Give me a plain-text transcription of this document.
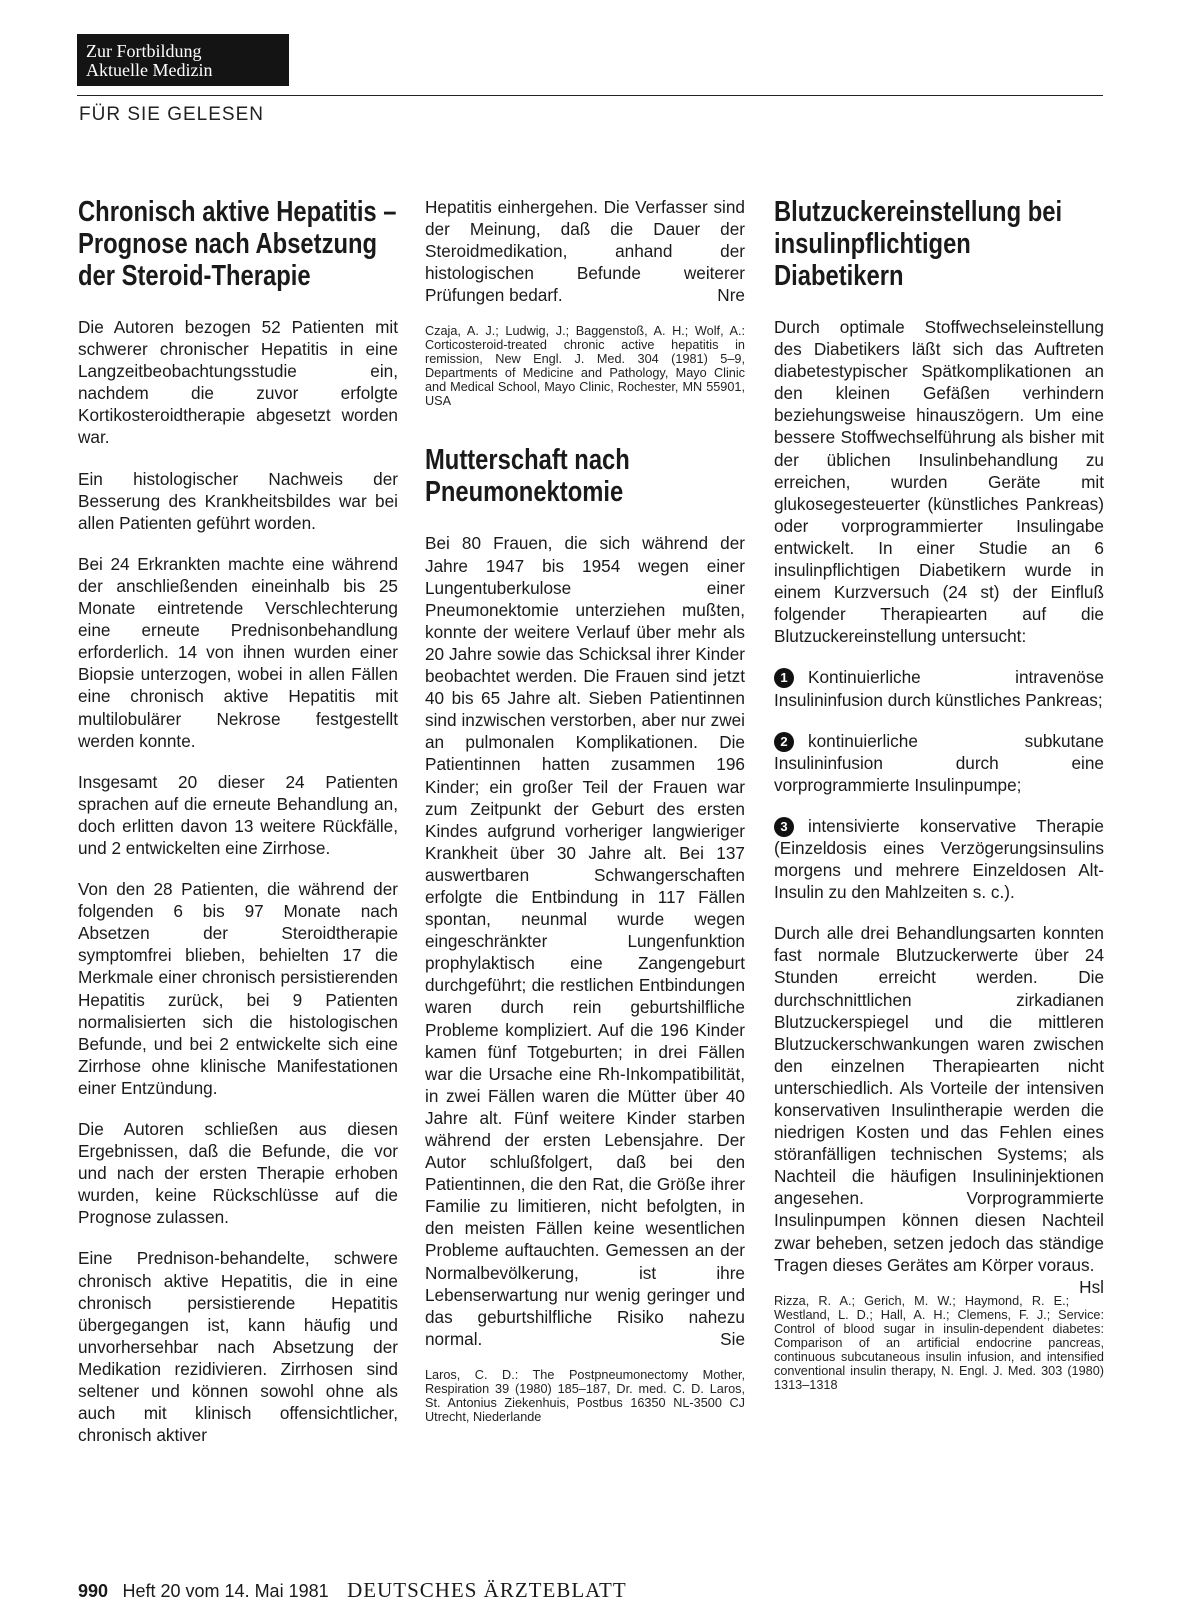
Zur Fortbildung
Aktuelle Medizin
FÜR SIE GELESEN
Chronisch aktive Hepatitis – Prognose nach Absetzung der Steroid-Therapie

Die Autoren bezogen 52 Patienten mit schwerer chronischer Hepatitis in eine Langzeitbeobachtungsstudie ein, nachdem die zuvor erfolgte Kortikosteroidtherapie abgesetzt worden war.

Ein histologischer Nachweis der Besserung des Krankheitsbildes war bei allen Patienten geführt worden.

Bei 24 Erkrankten machte eine während der anschließenden eineinhalb bis 25 Monate eintretende Verschlechterung eine erneute Prednisonbehandlung erforderlich. 14 von ihnen wurden einer Biopsie unterzogen, wobei in allen Fällen eine chronisch aktive Hepatitis mit multilobulärer Nekrose festgestellt werden konnte.

Insgesamt 20 dieser 24 Patienten sprachen auf die erneute Behandlung an, doch erlitten davon 13 weitere Rückfälle, und 2 entwickelten eine Zirrhose.

Von den 28 Patienten, die während der folgenden 6 bis 97 Monate nach Absetzen der Steroidtherapie symptomfrei blieben, behielten 17 die Merkmale einer chronisch persistierenden Hepatitis zurück, bei 9 Patienten normalisierten sich die histologischen Befunde, und bei 2 entwickelte sich eine Zirrhose ohne klinische Manifestationen einer Entzündung.

Die Autoren schließen aus diesen Ergebnissen, daß die Befunde, die vor und nach der ersten Therapie erhoben wurden, keine Rückschlüsse auf die Prognose zulassen.

Eine Prednison-behandelte, schwere chronisch aktive Hepatitis, die in eine chronisch persistierende Hepatitis übergegangen ist, kann häufig und unvorhersehbar nach Absetzung der Medikation rezidivieren. Zirrhosen sind seltener und können sowohl ohne als auch mit klinisch offensichtlicher, chronisch aktiver

Hepatitis einhergehen. Die Verfasser sind der Meinung, daß die Dauer der Steroidmedikation, anhand der histologischen Befunde weiterer Prüfungen bedarf.	Nre

Czaja, A. J.; Ludwig, J.; Baggenstoß, A. H.; Wolf, A.: Corticosteroid-treated chronic active hepatitis in remission, New Engl. J. Med. 304 (1981) 5–9, Departments of Medicine and Pathology, Mayo Clinic and Medical School, Mayo Clinic, Rochester, MN 55901, USA

Mutterschaft nach Pneumonektomie

Bei 80 Frauen, die sich während der Jahre 1947 bis 1954 wegen einer Lungentuberkulose einer Pneumonektomie unterziehen mußten, konnte der weitere Verlauf über mehr als 20 Jahre sowie das Schicksal ihrer Kinder beobachtet werden. Die Frauen sind jetzt 40 bis 65 Jahre alt. Sieben Patientinnen sind inzwischen verstorben, aber nur zwei an pulmonalen Komplikationen. Die Patientinnen hatten zusammen 196 Kinder; ein großer Teil der Frauen war zum Zeitpunkt der Geburt des ersten Kindes aufgrund vorheriger langwieriger Krankheit über 30 Jahre alt. Bei 137 auswertbaren Schwangerschaften erfolgte die Entbindung in 117 Fällen spontan, neunmal wurde wegen eingeschränkter Lungenfunktion prophylaktisch eine Zangengeburt durchgeführt; die restlichen Entbindungen waren durch rein geburtshilfliche Probleme kompliziert. Auf die 196 Kinder kamen fünf Totgeburten; in drei Fällen war die Ursache eine Rh-Inkompatibilität, in zwei Fällen waren die Mütter über 40 Jahre alt. Fünf weitere Kinder starben während der ersten Lebensjahre. Der Autor schlußfolgert, daß bei den Patientinnen, die den Rat, die Größe ihrer Familie zu limitieren, nicht befolgten, in den meisten Fällen keine wesentlichen Probleme auftauchten. Gemessen an der Normalbevölkerung, ist ihre Lebenserwartung nur wenig geringer und das geburtshilfliche Risiko nahezu normal.	Sie

Laros, C. D.: The Postpneumonectomy Mother, Respiration 39 (1980) 185–187, Dr. med. C. D. Laros, St. Antonius Ziekenhuis, Postbus 16350 NL-3500 CJ Utrecht, Niederlande

Blutzuckereinstellung bei insulinpflichtigen Diabetikern

Durch optimale Stoffwechseleinstellung des Diabetikers läßt sich das Auftreten diabetestypischer Spätkomplikationen an den kleinen Gefäßen verhindern beziehungsweise hinauszögern. Um eine bessere Stoffwechselführung als bisher mit der üblichen Insulinbehandlung zu erreichen, wurden Geräte mit glukosegesteuerter (künstliches Pankreas) oder vorprogrammierter Insulingabe entwickelt. In einer Studie an 6 insulinpflichtigen Diabetikern wurde in einem Kurzversuch (24 st) der Einfluß folgender Therapiearten auf die Blutzuckereinstellung untersucht:

1 Kontinuierliche intravenöse Insulininfusion durch künstliches Pankreas;

2 kontinuierliche subkutane Insulininfusion durch eine vorprogrammierte Insulinpumpe;

3 intensivierte konservative Therapie (Einzeldosis eines Verzögerungsinsulins morgens und mehrere Einzeldosen Alt-Insulin zu den Mahlzeiten s. c.).

Durch alle drei Behandlungsarten konnten fast normale Blutzuckerwerte über 24 Stunden erreicht werden. Die durchschnittlichen zirkadianen Blutzuckerspiegel und die mittleren Blutzuckerschwankungen waren zwischen den einzelnen Therapiearten nicht unterschiedlich. Als Vorteile der intensiven konservativen Insulintherapie werden die niedrigen Kosten und das Fehlen eines störanfälligen technischen Systems; als Nachteil die häufigen Insulininjektionen angesehen. Vorprogrammierte Insulinpumpen können diesen Nachteil zwar beheben, setzen jedoch das ständige Tragen dieses Gerätes am Körper voraus.
Hsl

Rizza, R. A.; Gerich, M. W.; Haymond, R. E.; Westland, L. D.; Hall, A. H.; Clemens, F. J.; Service: Control of blood sugar in insulin-dependent diabetes: Comparison of an artificial endocrine pancreas, continuous subcutaneous insulin infusion, and intensified conventional insulin therapy, N. Engl. J. Med. 303 (1980) 1313–1318

990 Heft 20 vom 14. Mai 1981 DEUTSCHES ÄRZTEBLATT
